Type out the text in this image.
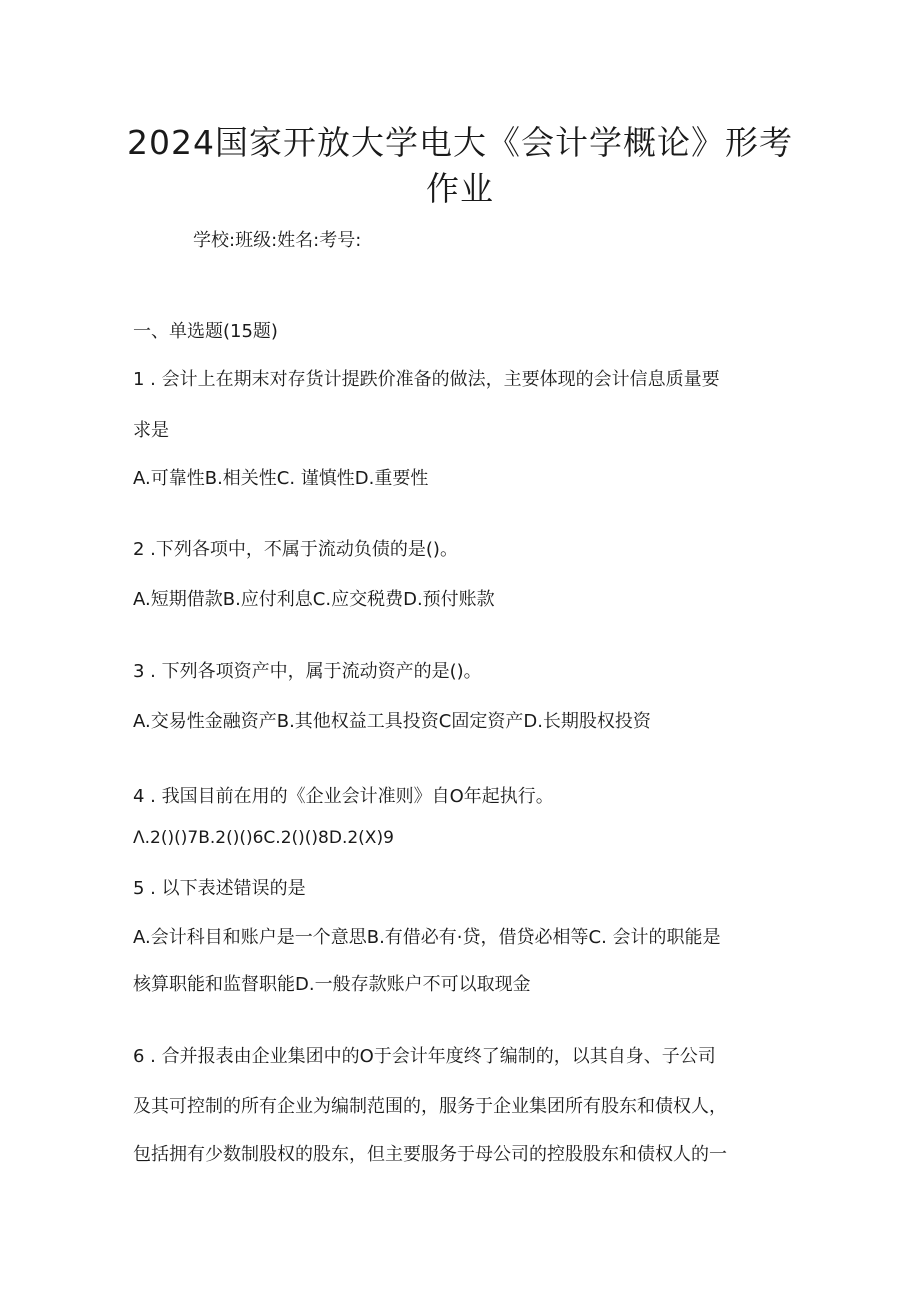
2024国家开放大学电大《会计学概论》形考
作业
学校:班级:姓名:考号:
一、单选题(15题)
1 . 会计上在期末对存货计提跌价准备的做法，主要体现的会计信息质量要
求是
A.可靠性B.相关性C. 谨慎性D.重要性
2 .下列各项中，不属于流动负债的是()。
A.短期借款B.应付利息C.应交税费D.预付账款
3 . 下列各项资产中，属于流动资产的是()。
A.交易性金融资产B.其他权益工具投资C固定资产D.长期股权投资
4 . 我国目前在用的《企业会计准则》自O年起执行。
Λ.2()()7B.2()()6C.2()()8D.2(X)9
5 . 以下表述错误的是
A.会计科目和账户是一个意思B.有借必有·贷，借贷必相等C. 会计的职能是
核算职能和监督职能D.一般存款账户不可以取现金
6 . 合并报表由企业集团中的O于会计年度终了编制的，以其自身、子公司
及其可控制的所有企业为编制范围的，服务于企业集团所有股东和债权人，
包括拥有少数制股权的股东，但主要服务于母公司的控股股东和债权人的一
